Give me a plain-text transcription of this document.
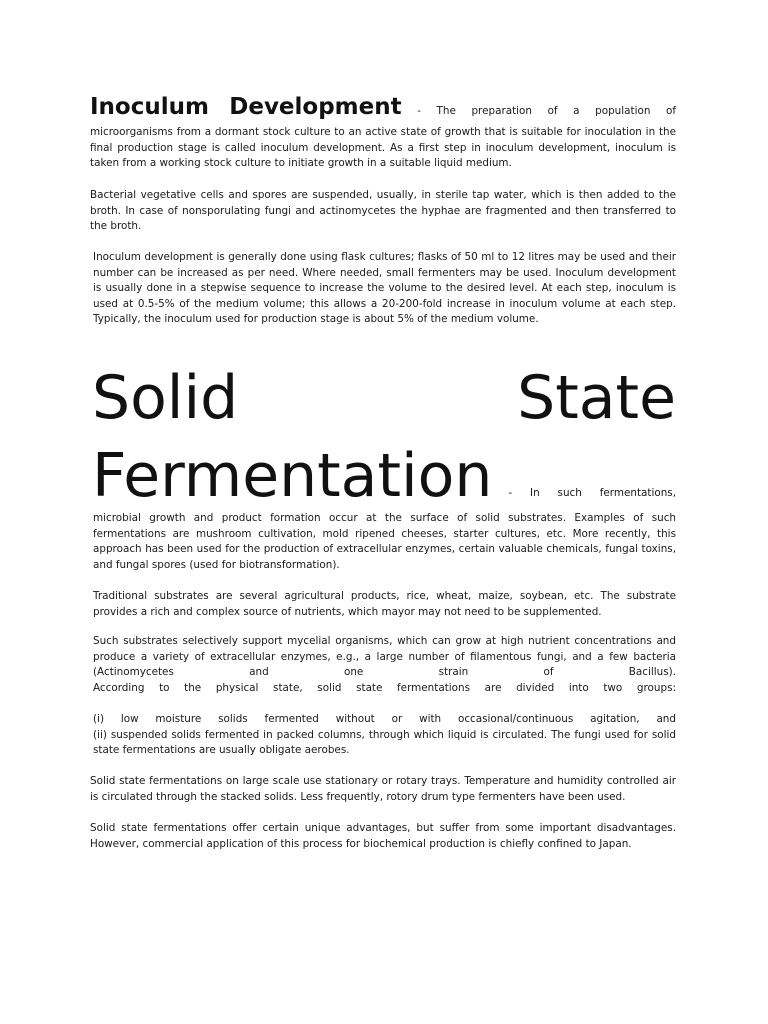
Inoculum Development - The preparation of a population of

microorganisms from a dormant stock culture to an active state of growth that is suitable for inoculation in the final production stage is called inoculum development. As a first step in inoculum development, inoculum is taken from a working stock culture to initiate growth in a suitable liquid medium.

Bacterial vegetative cells and spores are suspended, usually, in sterile tap water, which is then added to the broth. In case of nonsporulating fungi and actinomycetes the hyphae are fragmented and then transferred to the broth.

Inoculum development is generally done using flask cultures; flasks of 50 ml to 12 litres may be used and their number can be increased as per need. Where needed, small fermenters may be used. Inoculum development is usually done in a stepwise sequence to increase the volume to the desired level. At each step, inoculum is used at 0.5-5% of the medium volume; this allows a 20-200-fold increase in inoculum volume at each step. Typically, the inoculum used for production stage is about 5% of the medium volume.

Solid State

Fermentation - In such fermentations,

microbial growth and product formation occur at the surface of solid substrates. Examples of such fermentations are mushroom cultivation, mold ripened cheeses, starter cultures, etc. More recently, this approach has been used for the production of extracellular enzymes, certain valuable chemicals, fungal toxins, and fungal spores (used for biotransformation).

Traditional substrates are several agricultural products, rice, wheat, maize, soybean, etc. The substrate provides a rich and complex source of nutrients, which mayor may not need to be supplemented.

Such substrates selectively support mycelial organisms, which can grow at high nutrient concentrations and produce a variety of extracellular enzymes, e.g., a large number of filamentous fungi, and a few bacteria (Actinomycetes and one strain of Bacillus).
According to the physical state, solid state fermentations are divided into two groups:
(i) low moisture solids fermented without or with occasional/continuous agitation, and
(ii) suspended solids fermented in packed columns, through which liquid is circulated. The fungi used for solid state fermentations are usually obligate aerobes.

Solid state fermentations on large scale use stationary or rotary trays. Temperature and humidity controlled air is circulated through the stacked solids. Less frequently, rotory drum type fermenters have been used.

Solid state fermentations offer certain unique advantages, but suffer from some important disadvantages. However, commercial application of this process for biochemical production is chiefly confined to Japan.
